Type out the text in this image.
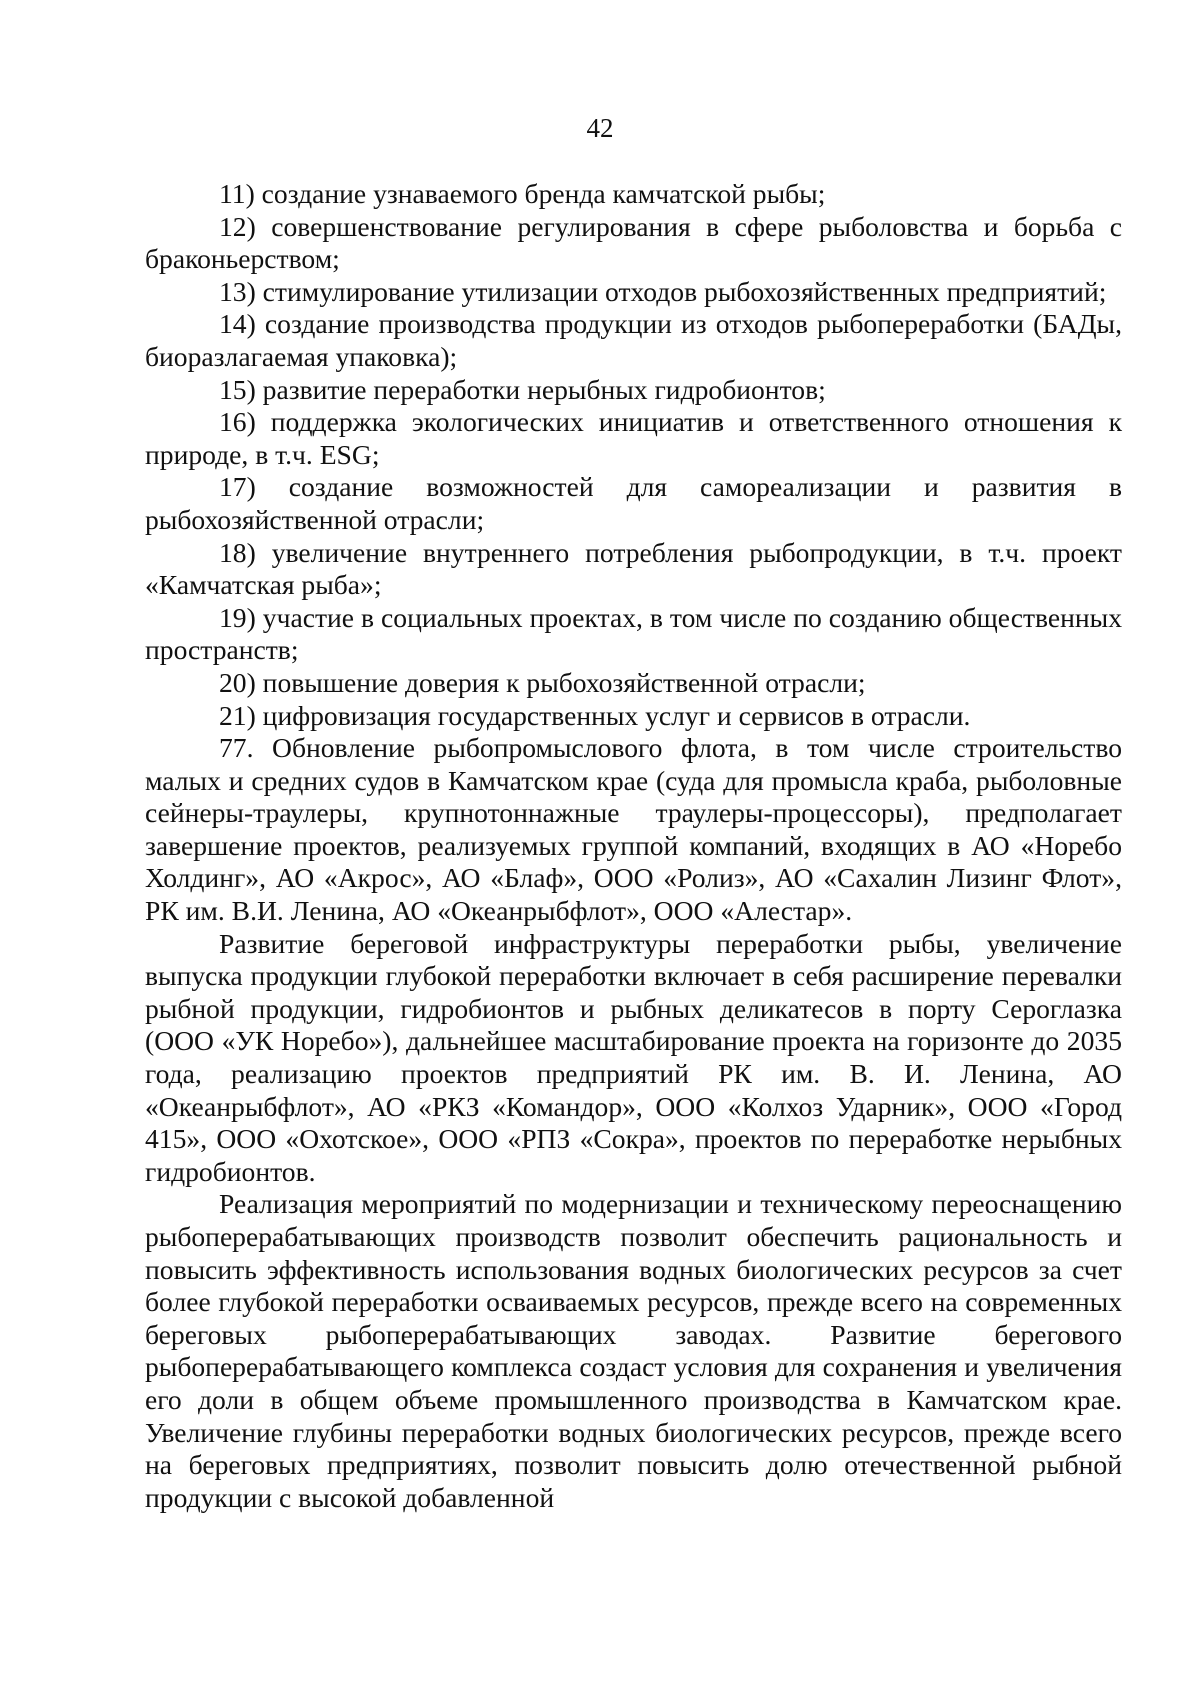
42

11) создание узнаваемого бренда камчатской рыбы;

12) совершенствование регулирования в сфере рыболовства и борьба с браконьерством;

13) стимулирование утилизации отходов рыбохозяйственных предприятий;

14) создание производства продукции из отходов рыбопереработки (БАДы, биоразлагаемая упаковка);

15) развитие переработки нерыбных гидробионтов;

16) поддержка экологических инициатив и ответственного отношения к природе, в т.ч. ESG;

17) создание возможностей для самореализации и развития в рыбохозяйственной отрасли;

18) увеличение внутреннего потребления рыбопродукции, в т.ч. проект «Камчатская рыба»;

19) участие в социальных проектах, в том числе по созданию общественных пространств;

20) повышение доверия к рыбохозяйственной отрасли;

21) цифровизация государственных услуг и сервисов в отрасли.

77. Обновление рыбопромыслового флота, в том числе строительство малых и средних судов в Камчатском крае (суда для промысла краба, рыболовные сейнеры-траулеры, крупнотоннажные траулеры-процессоры), предполагает завершение проектов, реализуемых группой компаний, входящих в АО «Норебо Холдинг», АО «Акрос», АО «Блаф», ООО «Ролиз», АО «Сахалин Лизинг Флот», РК им. В.И. Ленина, АО «Океанрыбфлот», ООО «Алестар».

Развитие береговой инфраструктуры переработки рыбы, увеличение выпуска продукции глубокой переработки включает в себя расширение перевалки рыбной продукции, гидробионтов и рыбных деликатесов в порту Сероглазка (ООО «УК Норебо»), дальнейшее масштабирование проекта на горизонте до 2035 года, реализацию проектов предприятий РК им. В. И. Ленина, АО «Океанрыбфлот», АО «РКЗ «Командор», ООО «Колхоз Ударник», ООО «Город 415», ООО «Охотское», ООО «РПЗ «Сокра», проектов по переработке нерыбных гидробионтов.

Реализация мероприятий по модернизации и техническому переоснащению рыбоперерабатывающих производств позволит обеспечить рациональность и повысить эффективность использования водных биологических ресурсов за счет более глубокой переработки осваиваемых ресурсов, прежде всего на современных береговых рыбоперерабатывающих заводах. Развитие берегового рыбоперерабатывающего комплекса создаст условия для сохранения и увеличения его доли в общем объеме промышленного производства в Камчатском крае. Увеличение глубины переработки водных биологических ресурсов, прежде всего на береговых предприятиях, позволит повысить долю отечественной рыбной продукции с высокой добавленной
